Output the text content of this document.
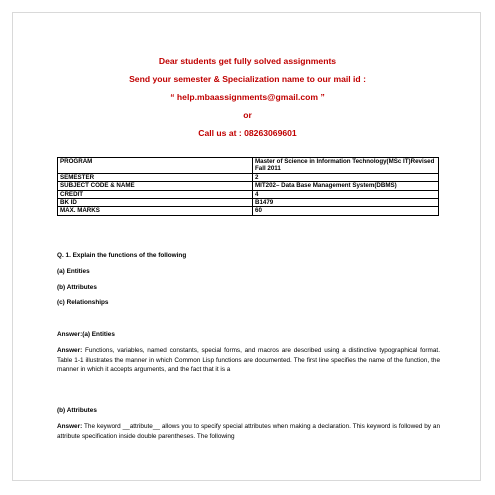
Dear students get fully solved assignments
Send your semester & Specialization name to our mail id :
“ help.mbaassignments@gmail.com ”
or
Call us at : 08263069601
PROGRAM	Master of Science in Information Technology(MSc IT)Revised Fall 2011
SEMESTER	2
SUBJECT CODE & NAME	MIT202– Data Base Management System(DBMS)
CREDIT	4
BK ID	B1479
MAX. MARKS	60
Q. 1. Explain the functions of the following
(a) Entities
(b) Attributes
(c) Relationships
Answer:(a) Entities

Answer: Functions, variables, named constants, special forms, and macros are described using a distinctive typographical format. Table 1-1 illustrates the manner in which Common Lisp functions are documented. The first line specifies the name of the function, the manner in which it accepts arguments, and the fact that it is a

(b) Attributes

Answer: The keyword __attribute__ allows you to specify special attributes when making a declaration. This keyword is followed by an attribute specification inside double parentheses. The following
